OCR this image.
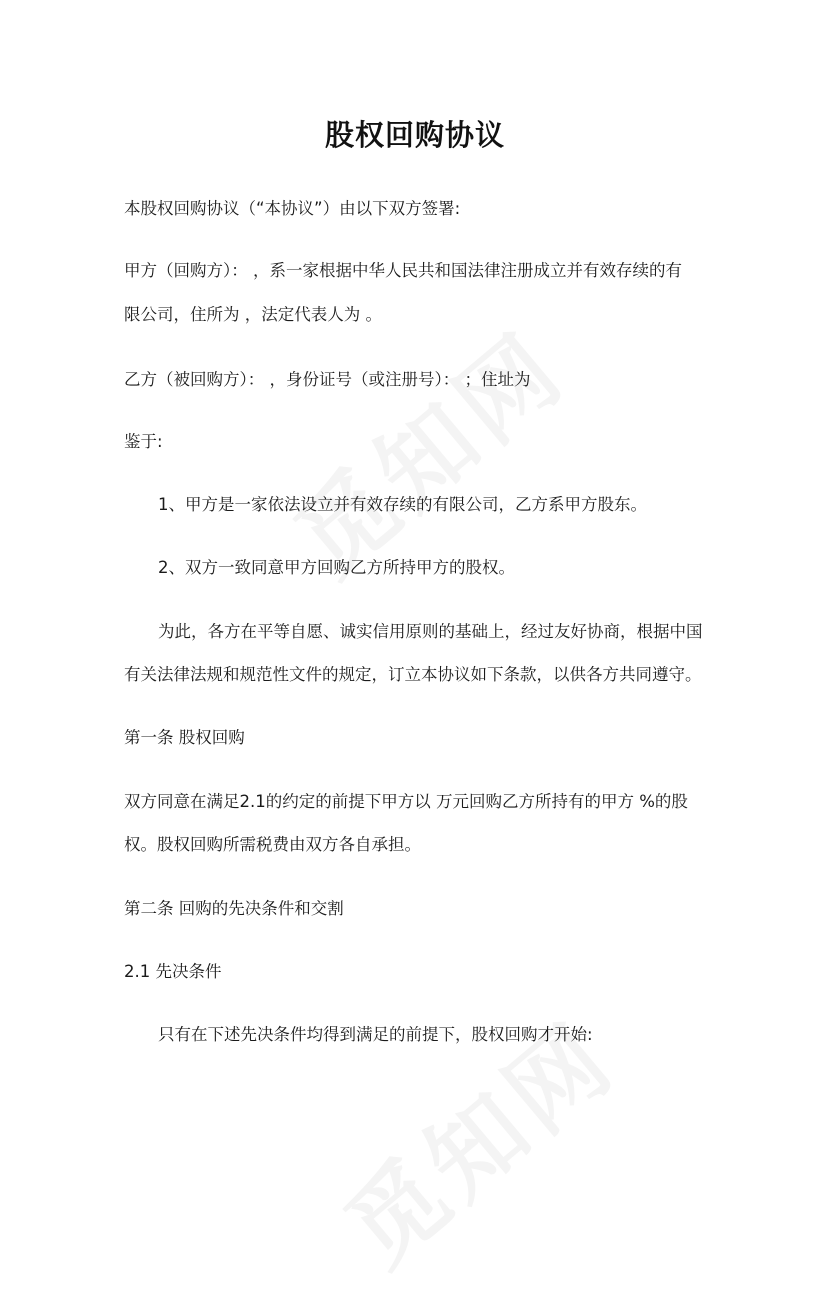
股权回购协议
本股权回购协议（“本协议”）由以下双方签署:
甲方（回购方）： ，系一家根据中华人民共和国法律注册成立并有效存续的有
限公司，住所为 ，法定代表人为 。
乙方（被回购方）： ，身份证号（或注册号）： ；住址为
鉴于:
1、甲方是一家依法设立并有效存续的有限公司，乙方系甲方股东。
2、双方一致同意甲方回购乙方所持甲方的股权。
为此，各方在平等自愿、诚实信用原则的基础上，经过友好协商，根据中国
有关法律法规和规范性文件的规定，订立本协议如下条款，以供各方共同遵守。
第一条 股权回购
双方同意在满足2.1的约定的前提下甲方以 万元回购乙方所持有的甲方 %的股
权。股权回购所需税费由双方各自承担。
第二条 回购的先决条件和交割
2.1 先决条件
只有在下述先决条件均得到满足的前提下，股权回购才开始:
